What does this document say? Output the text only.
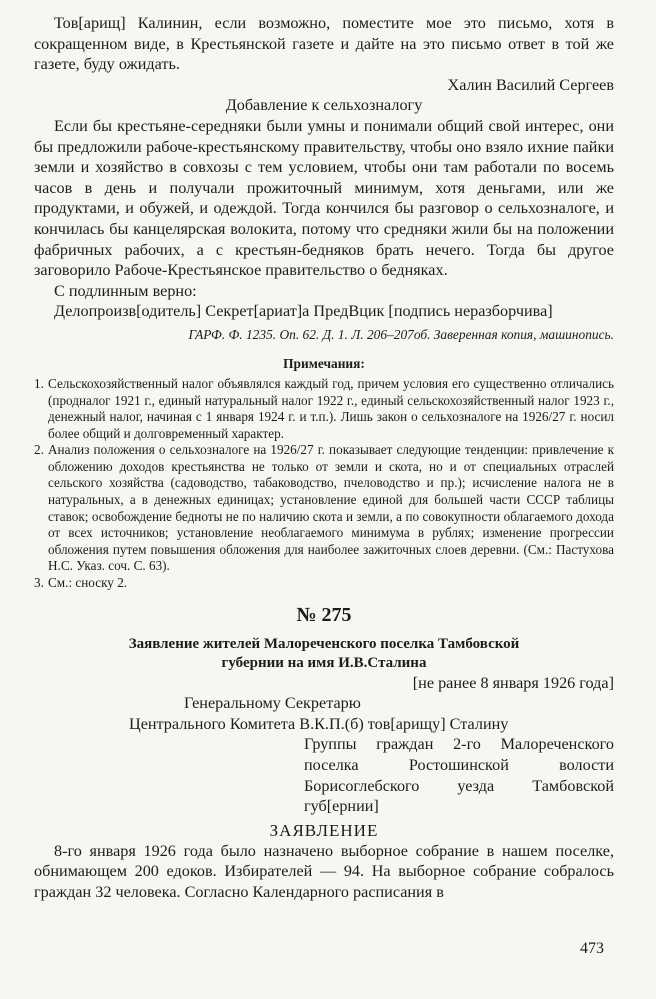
Тов[арищ] Калинин, если возможно, поместите мое это письмо, хотя в сокращенном виде, в Крестьянской газете и дайте на это письмо ответ в той же газете, буду ожидать.

Халин Василий Сергеев

Добавление к сельхозналогу

Если бы крестьяне-середняки были умны и понимали общий свой интерес, они бы предложили рабоче-крестьянскому правительству, чтобы оно взяло ихние пайки земли и хозяйство в совхозы с тем условием, чтобы они там работали по восемь часов в день и получали прожиточный минимум, хотя деньгами, или же продуктами, и обужей, и одеждой. Тогда кончился бы разговор о сельхозналоге, и кончилась бы канцелярская волокита, потому что средняки жили бы на положении фабричных рабочих, а с крестьян-бедняков брать нечего. Тогда бы другое заговорило Рабоче-Крестьянское правительство о бедняках.

С подлинным верно:

Делопроизв[одитель] Секрет[ариат]а ПредВцик [подпись неразборчива]

ГАРФ. Ф. 1235. Оп. 62. Д. 1. Л. 206–207об. Заверенная копия, машинопись.

Примечания:

1. Сельскохозяйственный налог объявлялся каждый год, причем условия его существенно отличались (продналог 1921 г., единый натуральный налог 1922 г., единый сельскохозяйственный налог 1923 г., денежный налог, начиная с 1 января 1924 г. и т.п.). Лишь закон о сельхозналоге на 1926/27 г. носил более общий и долговременный характер.
2. Анализ положения о сельхозналоге на 1926/27 г. показывает следующие тенденции: привлечение к обложению доходов крестьянства не только от земли и скота, но и от специальных отраслей сельского хозяйства (садоводство, табаководство, пчеловодство и пр.); исчисление налога не в натуральных, а в денежных единицах; установление единой для большей части СССР таблицы ставок; освобождение бедноты не по наличию скота и земли, а по совокупности облагаемого дохода от всех источников; установление необлагаемого минимума в рублях; изменение прогрессии обложения путем повышения обложения для наиболее зажиточных слоев деревни. (См.: Пастухова Н.С. Указ. соч. С. 63).
3. См.: сноску 2.

№ 275

Заявление жителей Малореченского поселка Тамбовской

губернии на имя И.В.Сталина

[не ранее 8 января 1926 года]

Генеральному Секретарю

Центрального Комитета В.К.П.(б) тов[арищу] Сталину

Группы граждан 2-го Малореченского поселка Ростошинской волости Борисоглебского уезда Тамбовской губ[ернии]

ЗАЯВЛЕНИЕ

8-го января 1926 года было назначено выборное собрание в нашем поселке, обнимающем 200 едоков. Избирателей — 94. На выборное собрание собралось граждан 32 человека. Согласно Календарного расписания в

473
